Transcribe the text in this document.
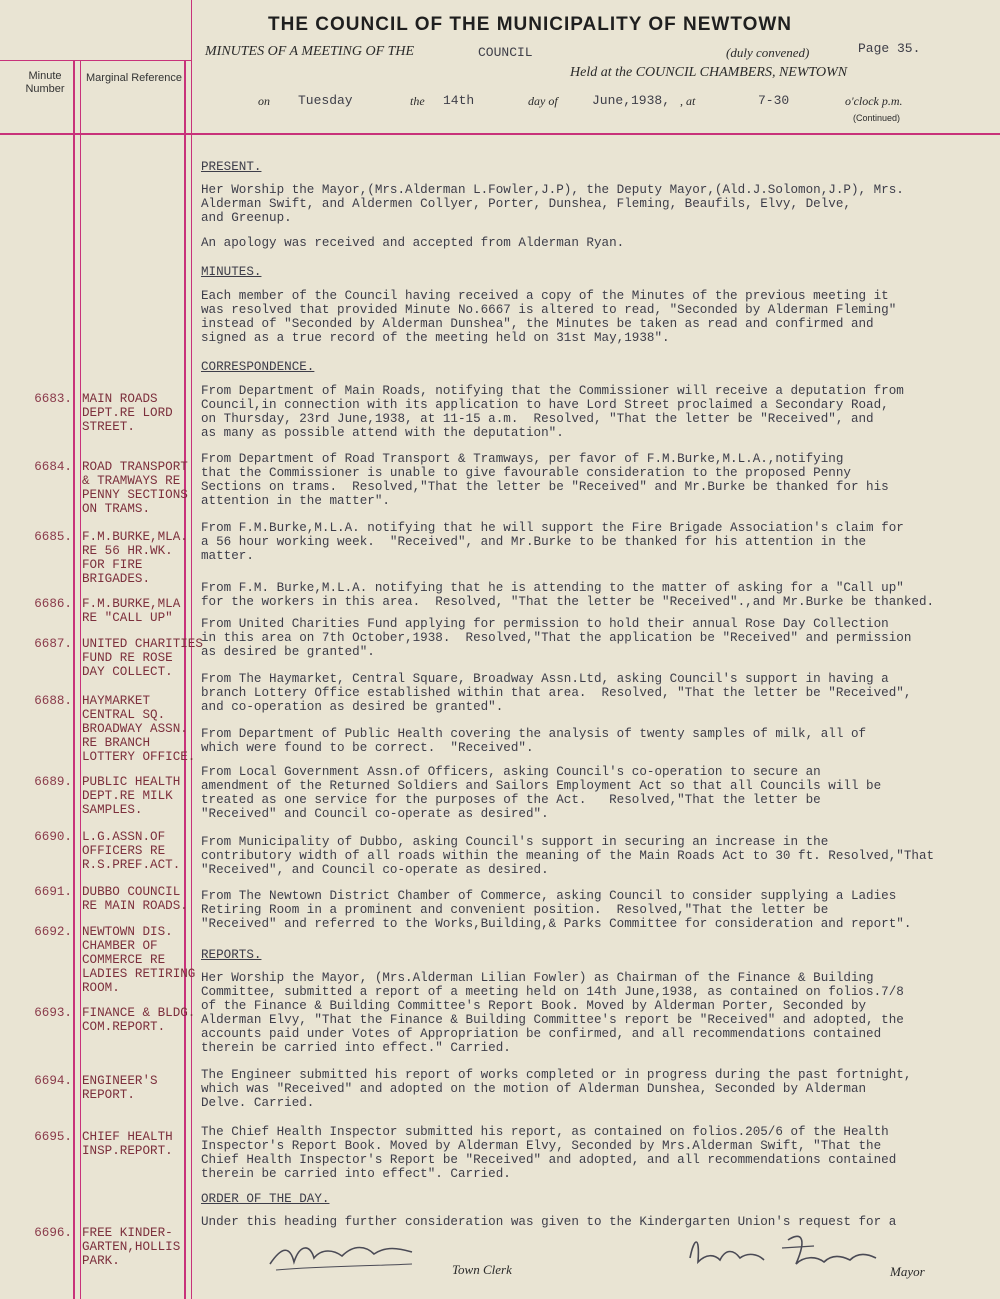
THE COUNCIL OF THE MUNICIPALITY OF NEWTOWN
MINUTES OF A MEETING OF THE	COUNCIL	(duly convened)	Page 35.
Held at the COUNCIL CHAMBERS, NEWTOWN
on Tuesday	the 14th	day of	June,1938, , at	7-30	o'clock p.m.
(Continued)
Minute Number
Marginal Reference
PRESENT.
Her Worship the Mayor,(Mrs.Alderman L.Fowler,J.P), the Deputy Mayor,(Ald.J.Solomon,J.P), Mrs.
Alderman Swift, and Aldermen Collyer, Porter, Dunshea, Fleming, Beaufils, Elvy, Delve,
and Greenup.
An apology was received and accepted from Alderman Ryan.
MINUTES.
Each member of the Council having received a copy of the Minutes of the previous meeting it
was resolved that provided Minute No.6667 is altered to read, "Seconded by Alderman Fleming"
instead of "Seconded by Alderman Dunshea", the Minutes be taken as read and confirmed and
signed as a true record of the meeting held on 31st May,1938".
CORRESPONDENCE.
From Department of Main Roads, notifying that the Commissioner will receive a deputation from
Council,in connection with its application to have Lord Street proclaimed a Secondary Road,
on Thursday, 23rd June,1938, at 11-15 a.m.  Resolved, "That the letter be "Received", and
as many as possible attend with the deputation".
From Department of Road Transport & Tramways, per favor of F.M.Burke,M.L.A.,notifying
that the Commissioner is unable to give favourable consideration to the proposed Penny
Sections on trams.  Resolved,"That the letter be "Received" and Mr.Burke be thanked for his
attention in the matter".
From F.M.Burke,M.L.A. notifying that he will support the Fire Brigade Association's claim for
a 56 hour working week.  "Received", and Mr.Burke to be thanked for his attention in the
matter.
From F.M. Burke,M.L.A. notifying that he is attending to the matter of asking for a "Call up"
for the workers in this area.  Resolved, "That the letter be "Received".,and Mr.Burke be thanked.
From United Charities Fund applying for permission to hold their annual Rose Day Collection
in this area on 7th October,1938.  Resolved,"That the application be "Received" and permission
as desired be granted".
From The Haymarket, Central Square, Broadway Assn.Ltd, asking Council's support in having a
branch Lottery Office established within that area.  Resolved, "That the letter be "Received",
and co-operation as desired be granted".
From Department of Public Health covering the analysis of twenty samples of milk, all of
which were found to be correct.  "Received".
From Local Government Assn.of Officers, asking Council's co-operation to secure an
amendment of the Returned Soldiers and Sailors Employment Act so that all Councils will be
treated as one service for the purposes of the Act.   Resolved,"That the letter be
"Received" and Council co-operate as desired".
From Municipality of Dubbo, asking Council's support in securing an increase in the
contributory width of all roads within the meaning of the Main Roads Act to 30 ft. Resolved,"That
"Received", and Council co-operate as desired.
From The Newtown District Chamber of Commerce, asking Council to consider supplying a Ladies
Retiring Room in a prominent and convenient position.  Resolved,"That the letter be
"Received" and referred to the Works,Building,& Parks Committee for consideration and report".
REPORTS.
Her Worship the Mayor, (Mrs.Alderman Lilian Fowler) as Chairman of the Finance & Building
Committee, submitted a report of a meeting held on 14th June,1938, as contained on folios.7/8
of the Finance & Building Committee's Report Book. Moved by Alderman Porter, Seconded by
Alderman Elvy, "That the Finance & Building Committee's report be "Received" and adopted, the
accounts paid under Votes of Appropriation be confirmed, and all recommendations contained
therein be carried into effect." Carried.
The Engineer submitted his report of works completed or in progress during the past fortnight,
which was "Received" and adopted on the motion of Alderman Dunshea, Seconded by Alderman
Delve. Carried.
The Chief Health Inspector submitted his report, as contained on folios.205/6 of the Health
Inspector's Report Book. Moved by Alderman Elvy, Seconded by Mrs.Alderman Swift, "That the
Chief Health Inspector's Report be "Received" and adopted, and all recommendations contained
therein be carried into effect". Carried.
ORDER OF THE DAY.
Under this heading further consideration was given to the Kindergarten Union's request for a
6683. MAIN ROADS
DEPT.RE LORD
STREET.
6684. ROAD TRANSPORT
& TRAMWAYS RE
PENNY SECTIONS
ON TRAMS.
6685. F.M.BURKE,MLA.
RE 56 HR.WK.
FOR FIRE
BRIGADES.
6686. F.M.BURKE,MLA
RE "CALL UP"
6687. UNITED CHARITIES
FUND RE ROSE
DAY COLLECT.
6688. HAYMARKET
CENTRAL SQ.
BROADWAY ASSN.
RE BRANCH
LOTTERY OFFICE.
6689. PUBLIC HEALTH
DEPT.RE MILK
SAMPLES.
6690. L.G.ASSN.OF
OFFICERS RE
R.S.PREF.ACT.
6691. DUBBO COUNCIL
RE MAIN ROADS.
6692. NEWTOWN DIS.
CHAMBER OF
COMMERCE RE
LADIES RETIRING
ROOM.
6693. FINANCE & BLDG.
COM.REPORT.
6694. ENGINEER'S
REPORT.
6695. CHIEF HEALTH
INSP.REPORT.
6696. FREE KINDER-
GARTEN,HOLLIS
PARK.
Town Clerk	Mayor
